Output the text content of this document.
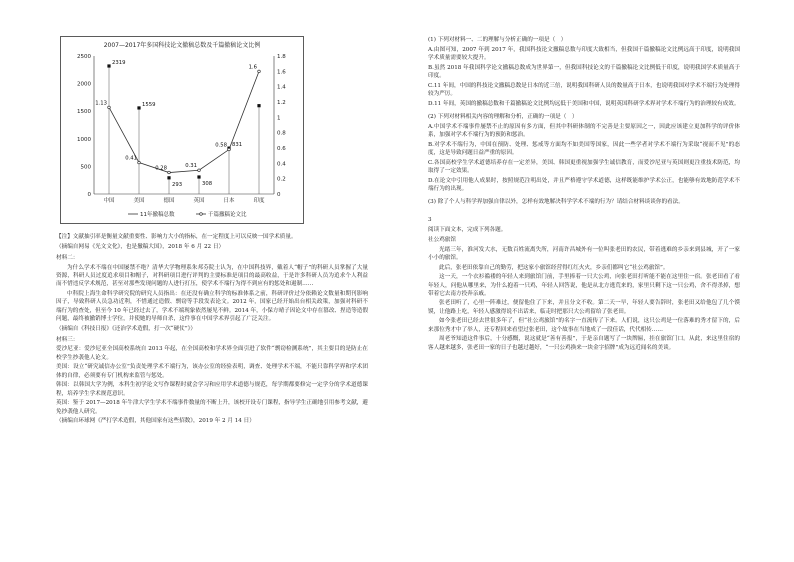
2007—2017年多国科技论文撤稿总数及千篇撤稿论文比例
0
500
1000
1500
2000
2500
0
0.2
0.4
0.6
0.8
1
1.2
1.4
1.6
1.8
2319
1559
293	308
831
1.13
0.41
0.28	0.31
0.58
1.6
中国	美国	德国	英国	日本	印度
11年撤稿总数	千篇撤稿论文比
【注】文献抽引率是衡量文献重要性、影响力大小的指标，在一定程度上可以反映一国学术质量。
（摘编自网易《光文文化》，也是撤稿大国》，2018 年 6 月 22 日）
材料二：
为什么学术不端在中国屡禁不绝？清华大学物理系朱邦芬院士认为，在中国科技界，戴着人“帽子”的科研人员掌握了大量资源，科研人员过度追求项目和帽子，对科研项目进行评判的主要标准是项目的最高收益，于是许多科研人员为追求个人利益而不惜违反学术规范，甚至对那些发现问题的人进行打压，使学术不端行为得不到应有的惩处和遏制……
中科院上海生命科学研究院的研究人员指出：在还没有确立科学的标准体系之前，科研评价过分依赖论文数量和期刊影响因子，导致科研人员急功近利，不惜通过造假、剽窃等手段发表论文。2012 年，国家已经开始出台相关政策，加强对科研不端行为的查处，但至今 10 年已经过去了，学术不端现象依然屡见不鲜。2014 年，小保方晴子因论文中存在篡改、捏造等造假问题，最终被撤销博士学位，并使她的导师自杀，这件事在中国学术界引起了广泛关注。
（摘编自《科技日报》《还治学术造假，打一次“硬仗”》）
材料三：
爱沙尼亚：爱沙尼亚全国高校系统自 2013 年起，在全国高校和学术界全面引进了软件“剽窃检测系统”，其主要目的是防止在校学生抄袭他人论文。
美国：设立“研究诚信办公室”负责处理学术不端行为，该办公室的经验表明，调查、处理学术不端，不能只靠科学界和学术团体的自律，必须要有专门机构来监管与惩处。
韩国：以韩国大学为例，本科生初学论文写作课程时就会学习和应用学术道德与规范，每学期都要修完一定学分的学术道德课程，培养学生学术规范意识。
英国：鉴于 2017—2018 年牛津大学生学术不端事件数量的不断上升，该校开设专门课程，指导学生正确地引用参考文献，避免抄袭他人研究。
（摘编自环球网《严打学术造假，其他国家有这些招数》，2019 年 2 月 14 日）
(1) 下列对材料一、二的理解与分析正确的一项是（　）
A.由图可知，2007 年到 2017 年，我国科技论文撤稿总数与印度大致相当，但我国千篇撤稿论文比例远高于印度，说明我国学术质量需要较大提升。
B.虽然 2018 年我国科学论文撤稿总数成为世界第一，但我国科技论文的千篇撤稿论文比例低于印度，说明我国学术质量高于印度。
C.11 年间，中国的科技论文撤稿总数是日本的近三倍，说明我国科研人员的数量高于日本，也说明我国对学术不端行为处理得较为严厉。
D.11 年间，英国的撤稿总数和千篇撤稿论文比例均远低于美国和中国，说明英国科研学术界对学术不端行为的治理较有成效。
(2) 下列对材料相关内容的理解和分析，正确的一项是（　）
A.中国学术不端事件屡禁不止的原因有多方面，但其中科研体制的不完善是主要原因之一，因此应该建立更加科学的评价体系，加强对学术不端行为的预防和惩治。
B.对学术不端行为，中国在预防、处理、惩戒等方面均不如美国等国家，因此一些学者对学术不端行为采取“视而不见”的态度，这是导致问题日益严重的原因。
C.各国高校学生学术道德培养存在一定差异，美国、韩国更重视加强学生诚信教育，而爱沙尼亚与英国则更注重技术防范，均取得了一定效果。
D.在论文中引用他人成果时，按照规范注明出处，并且严格遵守学术道德，这样既能维护学术公正，也能够有效地防范学术不端行为的出现。
(3) 除了个人与科学界加强自律以外，怎样有效地解决科学学术不端的行为？请结合材料谈谈你的看法。
3
阅读下面文本，完成下列各题。
社公鸡旅馆
光绪三年，淮河发大水，无数百姓流离失所，河南许昌城外有一位叫张老田的农民，带着逃难的乡亲来到县城，开了一家小小的旅馆。
此后，张老田依靠自己的勤劳，把这家小旅馆经营得红红火火，乡亲们都叫它“社公鸡旅馆”。
这一天，一个衣衫褴褛的年轻人来到旅馆门前，手里捧着一只大公鸡，向张老田打听能不能在这里住一宿。张老田看了看年轻人，问他从哪里来，为什么抱着一只鸡，年轻人回答说，他是从北方逃荒来的，家里只剩下这一只公鸡，舍不得杀掉，想带着它去南方投奔亲戚。
张老田听了，心里一阵难过，便留他住了下来，并且分文不收。第二天一早，年轻人要告辞时，张老田又给他包了几个馍馍，让他路上吃，年轻人感激得说不出话来，临走时把那只大公鸡留给了张老田。
如今张老田已经去世很多年了，但“社公鸡旅馆”的名字一直流传了下来。人们说，这只公鸡是一位落难的秀才留下的，后来那位秀才中了举人，还专程回来看望过张老田，这个故事在当地成了一段佳话，代代相传……
周老爷知道这件事后，十分感慨，说这就是“善有善报”，于是亲自题写了一块牌匾，挂在旅馆门口。从此，来这里住宿的客人越来越多，张老田一家的日子也越过越好，“一只公鸡换来一块金字招牌”成为远近闻名的美谈。
